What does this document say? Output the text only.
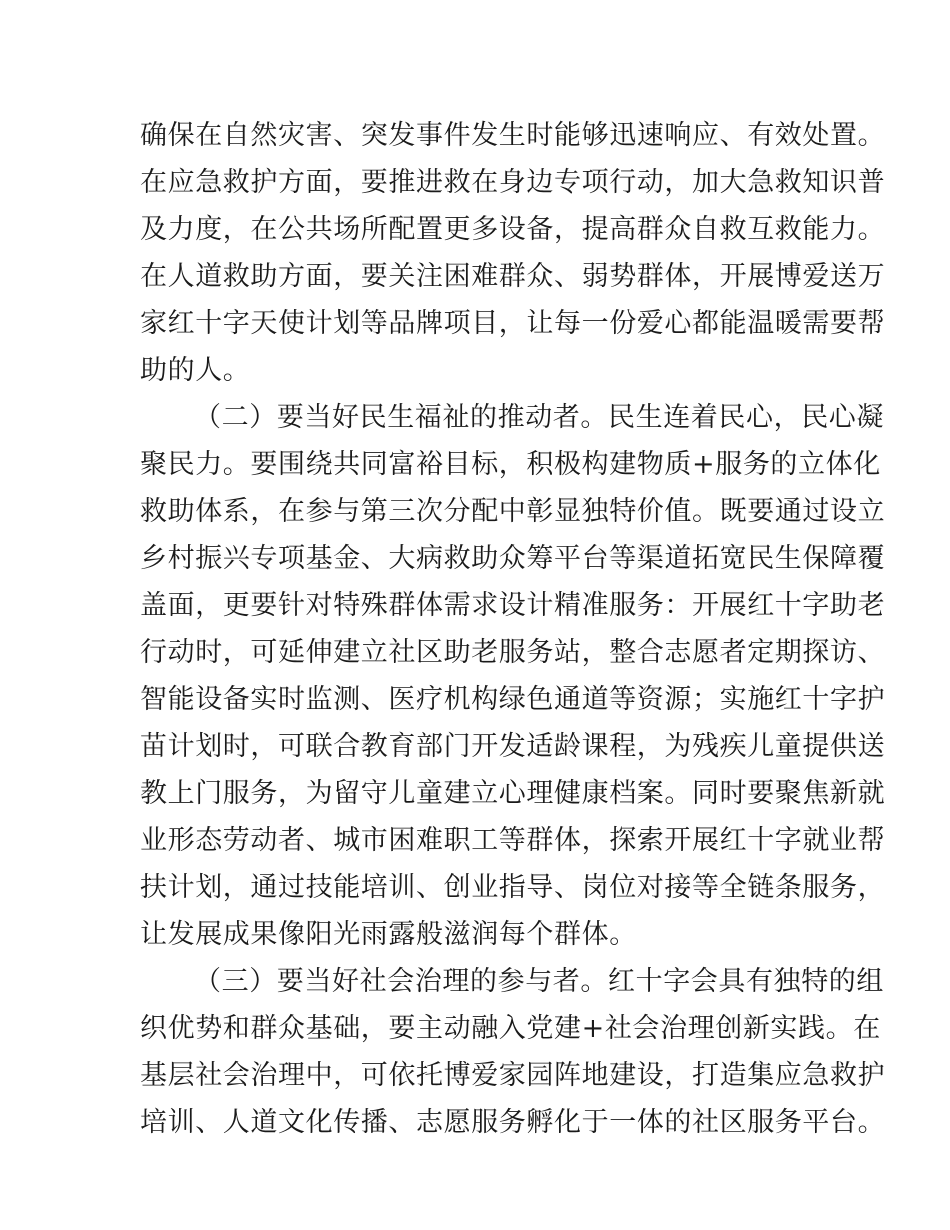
确保在自然灾害、突发事件发生时能够迅速响应、有效处置。
在应急救护方面，要推进救在身边专项行动，加大急救知识普
及力度，在公共场所配置更多设备，提高群众自救互救能力。
在人道救助方面，要关注困难群众、弱势群体，开展博爱送万
家红十字天使计划等品牌项目，让每一份爱心都能温暖需要帮
助的人。
（二）要当好民生福祉的推动者。民生连着民心，民心凝
聚民力。要围绕共同富裕目标，积极构建物质+服务的立体化
救助体系，在参与第三次分配中彰显独特价值。既要通过设立
乡村振兴专项基金、大病救助众筹平台等渠道拓宽民生保障覆
盖面，更要针对特殊群体需求设计精准服务：开展红十字助老
行动时，可延伸建立社区助老服务站，整合志愿者定期探访、
智能设备实时监测、医疗机构绿色通道等资源；实施红十字护
苗计划时，可联合教育部门开发适龄课程，为残疾儿童提供送
教上门服务，为留守儿童建立心理健康档案。同时要聚焦新就
业形态劳动者、城市困难职工等群体，探索开展红十字就业帮
扶计划，通过技能培训、创业指导、岗位对接等全链条服务，
让发展成果像阳光雨露般滋润每个群体。
（三）要当好社会治理的参与者。红十字会具有独特的组
织优势和群众基础，要主动融入党建+社会治理创新实践。在
基层社会治理中，可依托博爱家园阵地建设，打造集应急救护
培训、人道文化传播、志愿服务孵化于一体的社区服务平台。
